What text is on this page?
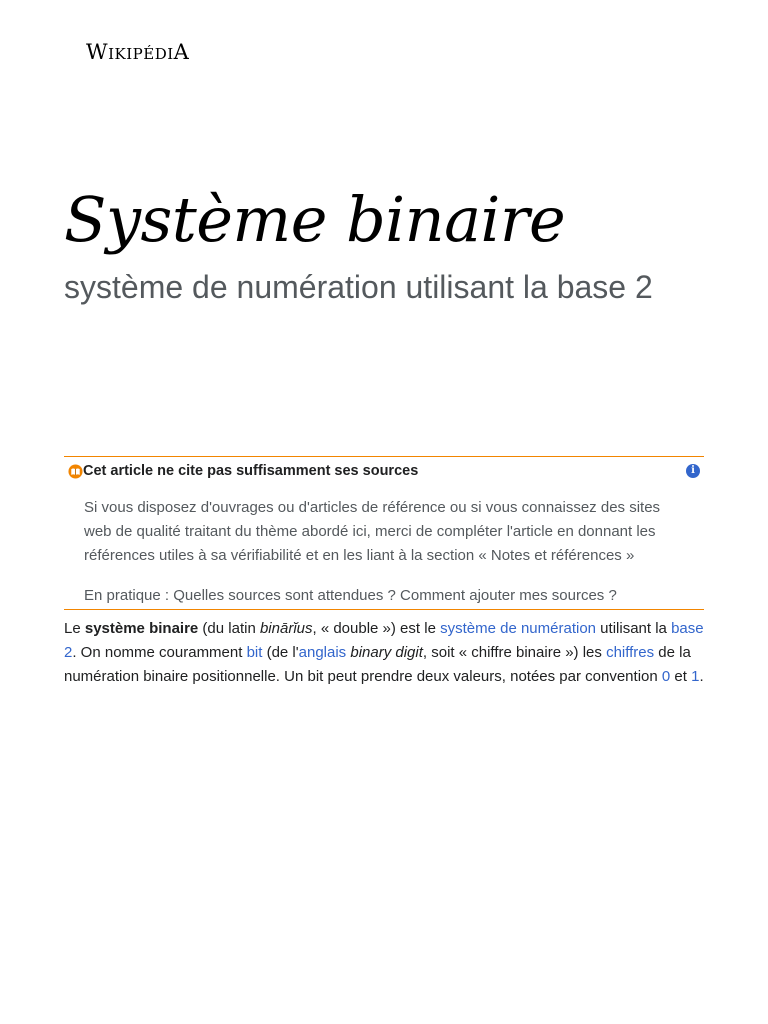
WikipédiA
Système binaire

système de numération utilisant la base 2

Cet article ne cite pas suffisamment ses sources	i

Si vous disposez d'ouvrages ou d'articles de référence ou si vous connaissez des sites web de qualité traitant du thème abordé ici, merci de compléter l'article en donnant les références utiles à sa vérifiabilité et en les liant à la section « Notes et références »

En pratique : Quelles sources sont attendues ? Comment ajouter mes sources ?

Le système binaire (du latin binārĭus, « double ») est le système de numération utilisant la base 2. On nomme couramment bit (de l'anglais binary digit, soit « chiffre binaire ») les chiffres de la numération binaire positionnelle. Un bit peut prendre deux valeurs, notées par convention 0 et 1.
